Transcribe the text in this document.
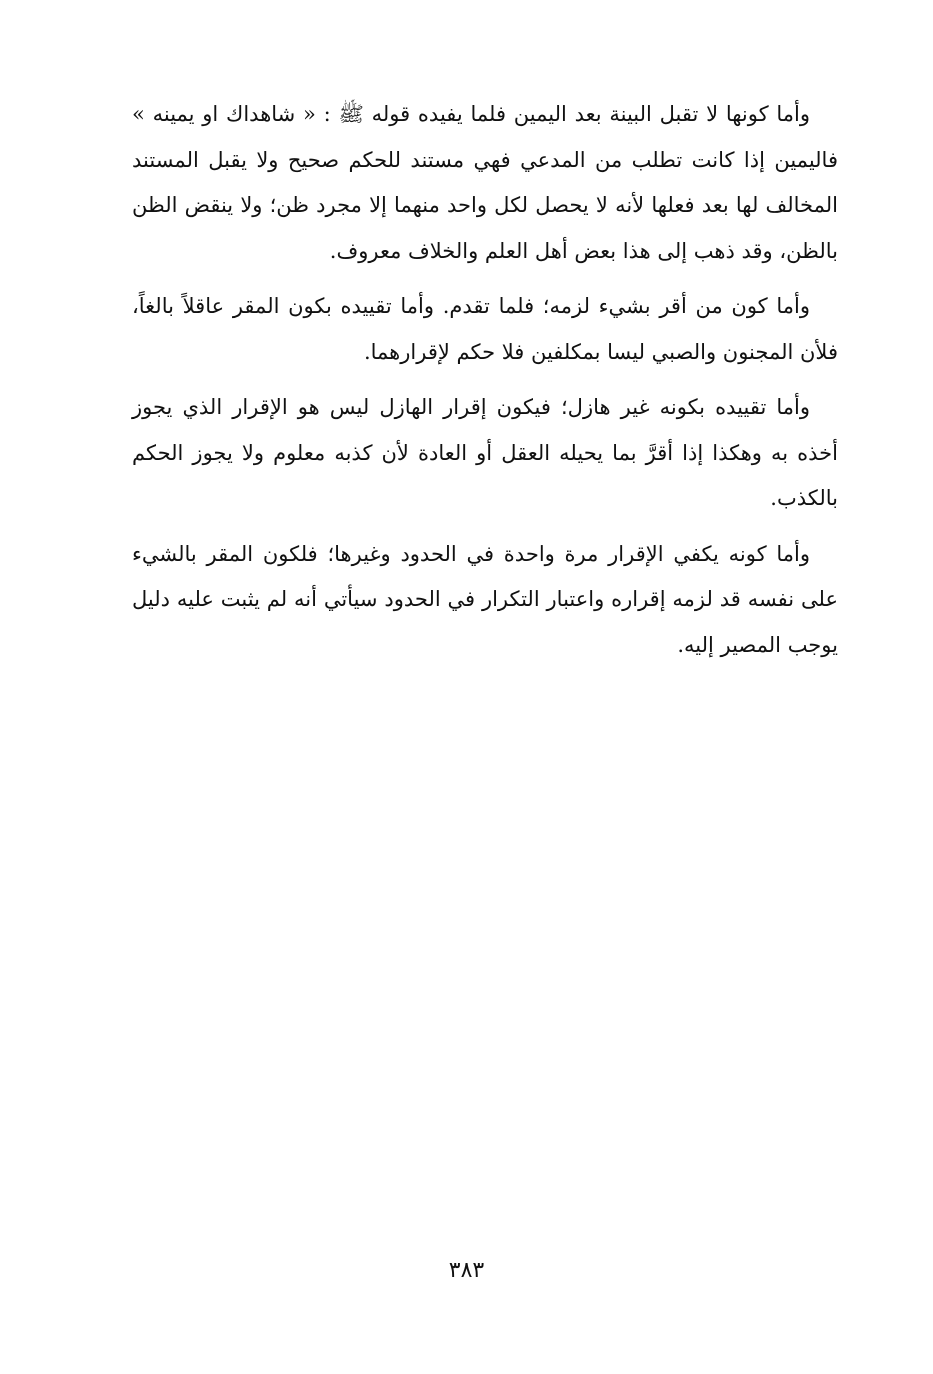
وأما كونها لا تقبل البينة بعد اليمين فلما يفيده قوله ﷺ : « شاهداك او يمينه » فاليمين إذا كانت تطلب من المدعي فهي مستند للحكم صحيح ولا يقبل المستند المخالف لها بعد فعلها لأنه لا يحصل لكل واحد منهما إلا مجرد ظن؛ ولا ينقض الظن بالظن، وقد ذهب إلى هذا بعض أهل العلم والخلاف معروف.

وأما كون من أقر بشيء لزمه؛ فلما تقدم. وأما تقييده بكون المقر عاقلاً بالغاً، فلأن المجنون والصبي ليسا بمكلفين فلا حكم لإقرارهما.

وأما تقييده بكونه غير هازل؛ فيكون إقرار الهازل ليس هو الإقرار الذي يجوز أخذه به وهكذا إذا أقرَّ بما يحيله العقل أو العادة لأن كذبه معلوم ولا يجوز الحكم بالكذب.

وأما كونه يكفي الإقرار مرة واحدة في الحدود وغيرها؛ فلكون المقر بالشيء على نفسه قد لزمه إقراره واعتبار التكرار في الحدود سيأتي أنه لم يثبت عليه دليل يوجب المصير إليه.

٣٨٣
